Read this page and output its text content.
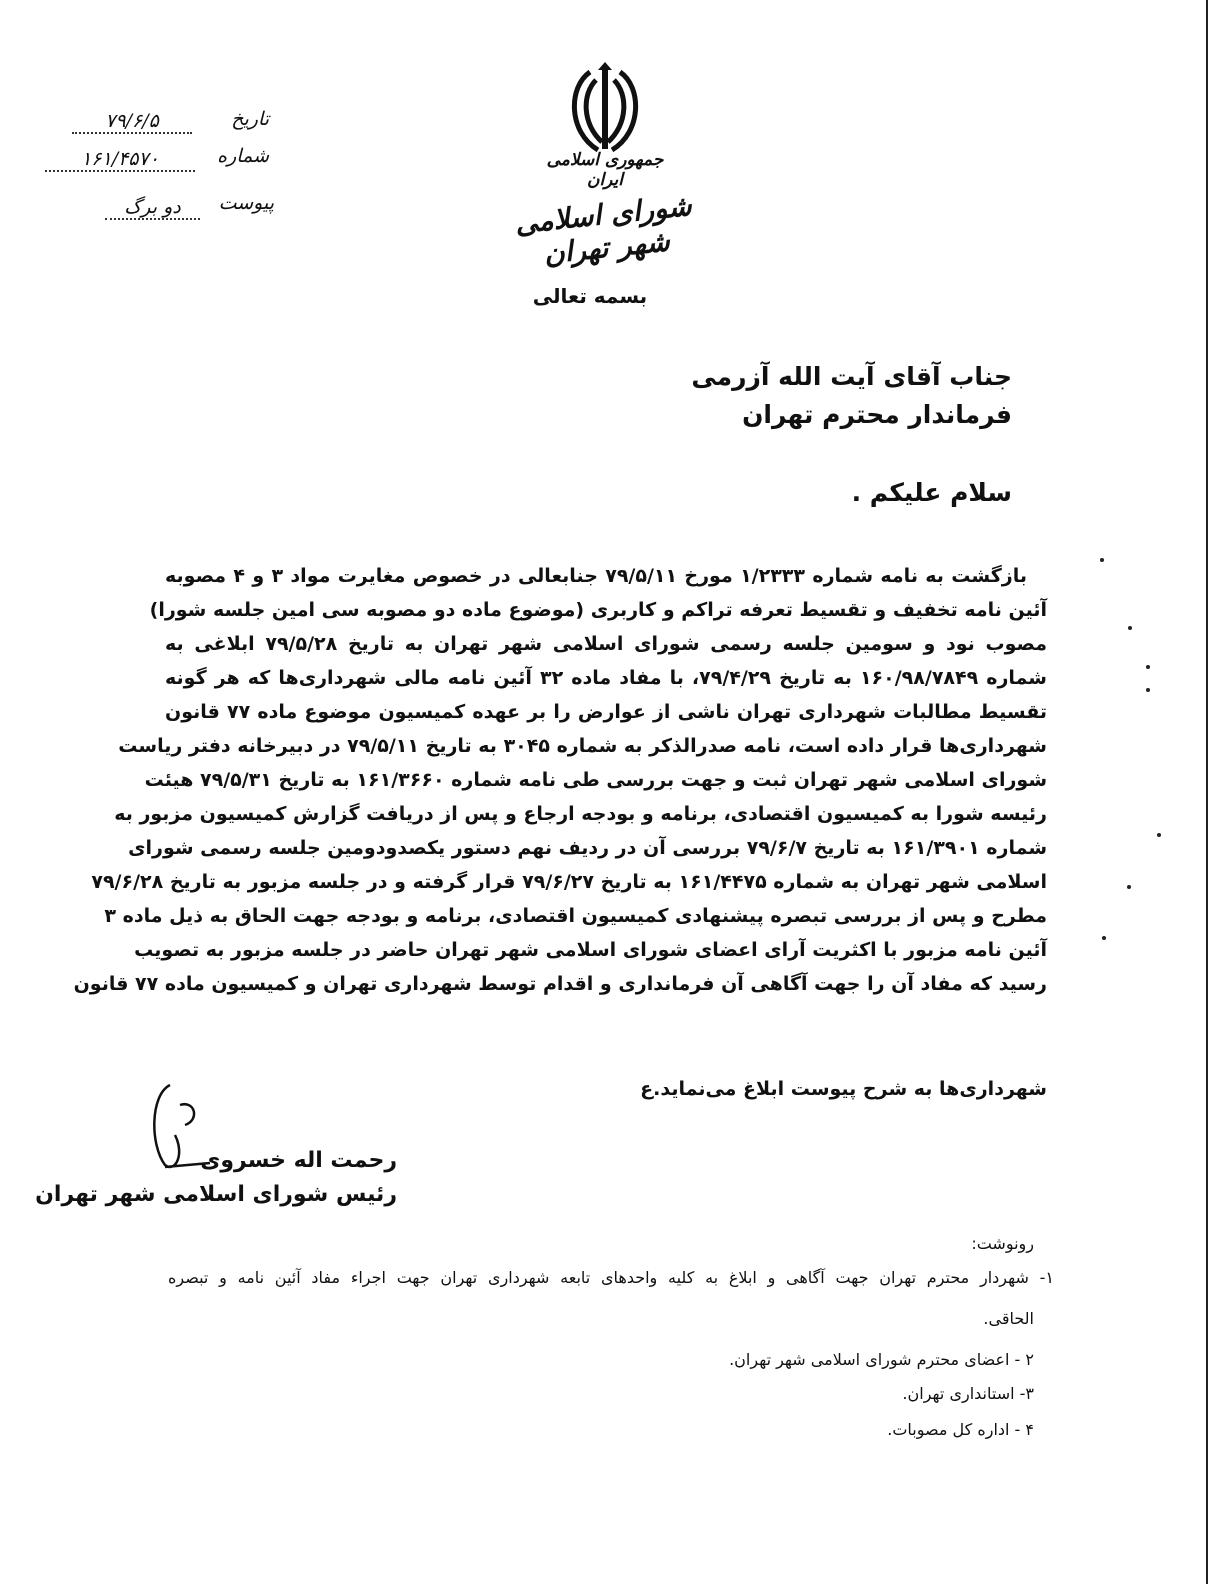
جمهوری اسلامی ایران
شورای اسلامی شهر تهران
بسمه تعالی
تاریخ
۷۹/۶/۵
شماره
۱۶۱/۴۵۷۰
پیوست
دو برگ
جناب آقای آیت الله آزرمی
فرماندار محترم تهران
سلام علیکم .
بازگشت به نامه شماره ۱/۲۳۳۳ مورخ ۷۹/۵/۱۱ جنابعالی در خصوص مغایرت مواد ۳ و ۴ مصوبه
آئین نامه تخفیف و تقسیط تعرفه تراکم و کاربری (موضوع ماده دو مصوبه سی امین جلسه شورا)
مصوب نود و سومین جلسه رسمی شورای اسلامی شهر تهران به تاریخ ۷۹/۵/۲۸ ابلاغی به
شماره ۱۶۰/۹۸/۷۸۴۹ به تاریخ ۷۹/۴/۲۹، با مفاد ماده ۳۲ آئین نامه مالی شهرداری‌ها که هر گونه
تقسیط مطالبات شهرداری تهران ناشی از عوارض را بر عهده کمیسیون موضوع ماده ۷۷ قانون
شهرداری‌ها قرار داده است، نامه صدرالذکر به شماره ۳۰۴۵ به تاریخ ۷۹/۵/۱۱ در دبیرخانه دفتر ریاست
شورای اسلامی شهر تهران ثبت و جهت بررسی طی نامه شماره ۱۶۱/۳۶۶۰ به تاریخ ۷۹/۵/۳۱ هیئت
رئیسه شورا به کمیسیون اقتصادی، برنامه و بودجه ارجاع و پس از دریافت گزارش کمیسیون مزبور به
شماره ۱۶۱/۳۹۰۱ به تاریخ ۷۹/۶/۷ بررسی آن در ردیف نهم دستور یکصدودومین جلسه رسمی شورای
اسلامی شهر تهران به شماره ۱۶۱/۴۴۷۵ به تاریخ ۷۹/۶/۲۷ قرار گرفته و در جلسه مزبور به تاریخ ۷۹/۶/۲۸
مطرح و پس از بررسی تبصره پیشنهادی کمیسیون اقتصادی، برنامه و بودجه جهت الحاق به ذیل ماده ۳
آئین نامه مزبور با اکثریت آرای اعضای شورای اسلامی شهر تهران حاضر در جلسه مزبور به تصویب
رسید که مفاد آن را جهت آگاهی آن فرمانداری و اقدام توسط شهرداری تهران و کمیسیون ماده ۷۷ قانون
شهرداری‌ها به شرح پیوست ابلاغ می‌نماید.ع
رحمت اله خسروی
رئیس شورای اسلامی شهر تهران
رونوشت:
۱- شهردار محترم تهران جهت آگاهی و ابلاغ به کلیه واحدهای تابعه شهرداری تهران جهت اجراء مفاد آئین نامه و تبصره
الحاقی.
۲ - اعضای محترم شورای اسلامی شهر تهران.
۳- استانداری تهران.
۴ - اداره کل مصوبات.
